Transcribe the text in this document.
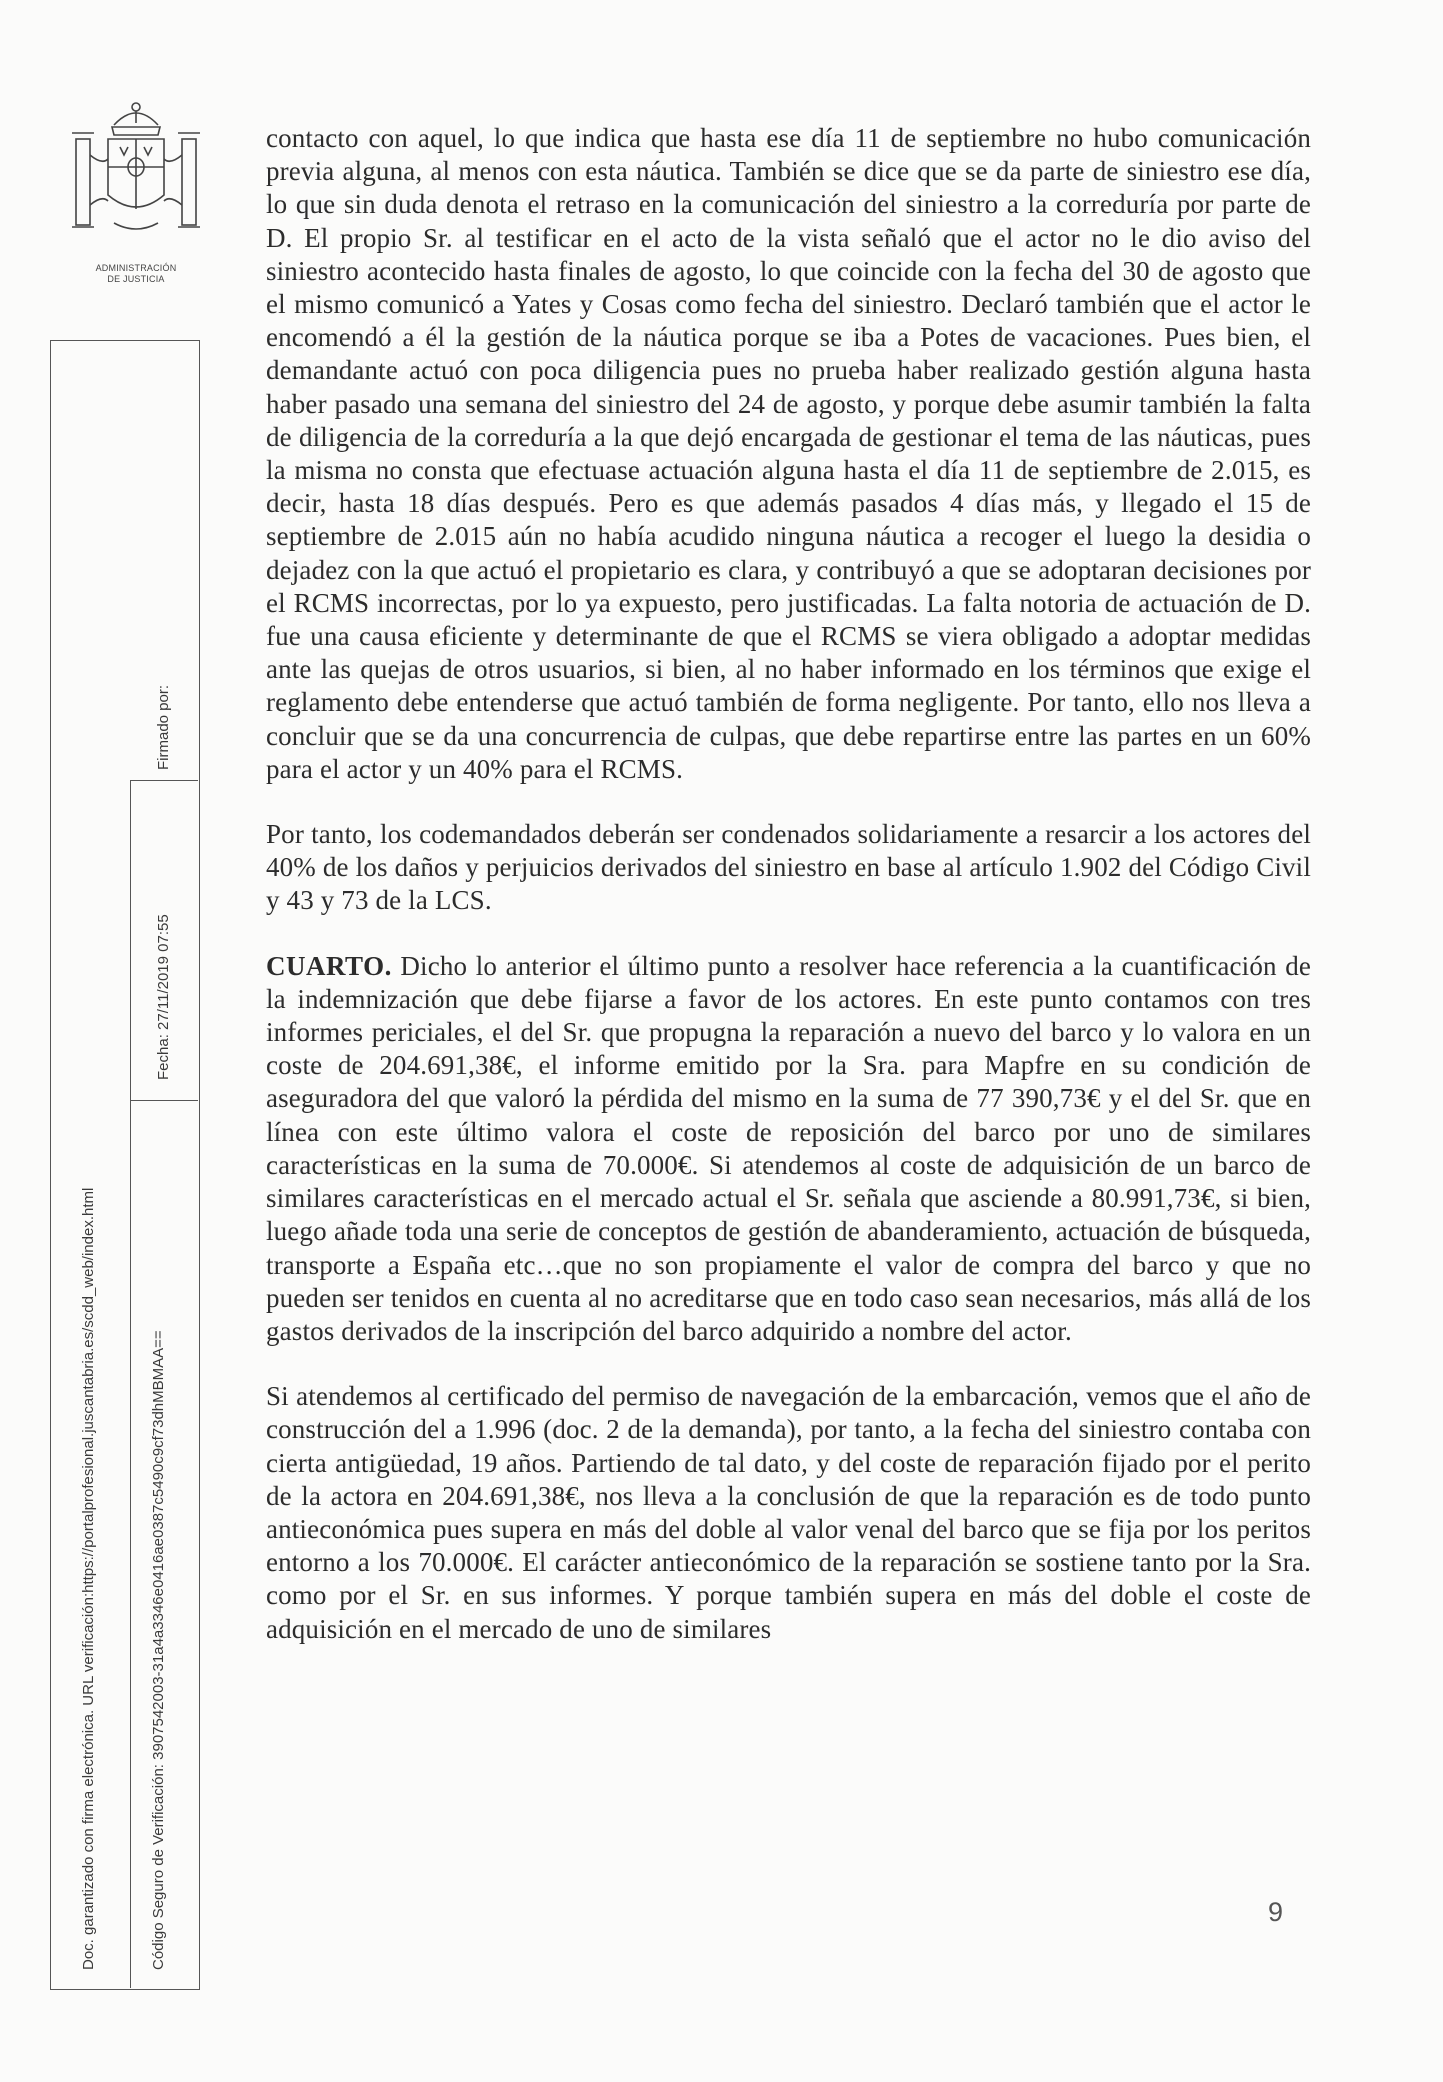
ADMINISTRACIÓN
DE JUSTICIA
Doc. garantizado con firma electrónica. URL verificación:https://portalprofesional.juscantabria.es/scdd_web/index.html	Código Seguro de Verificación: 3907542003-31a4a3346e0416ae0387c5490c9cf73dhMBMAA==
Fecha: 27/11/2019 07:55
Firmado por:

contacto con aquel, lo que indica que hasta ese día 11 de septiembre no hubo comunicación previa alguna, al menos con esta náutica. También se dice que se da parte de siniestro ese día, lo que sin duda denota el retraso en la comunicación del siniestro a la correduría por parte de D. El propio Sr. al testificar en el acto de la vista señaló que el actor no le dio aviso del siniestro acontecido hasta finales de agosto, lo que coincide con la fecha del 30 de agosto que el mismo comunicó a Yates y Cosas como fecha del siniestro. Declaró también que el actor le encomendó a él la gestión de la náutica porque se iba a Potes de vacaciones. Pues bien, el demandante actuó con poca diligencia pues no prueba haber realizado gestión alguna hasta haber pasado una semana del siniestro del 24 de agosto, y porque debe asumir también la falta de diligencia de la correduría a la que dejó encargada de gestionar el tema de las náuticas, pues la misma no consta que efectuase actuación alguna hasta el día 11 de septiembre de 2.015, es decir, hasta 18 días después. Pero es que además pasados 4 días más, y llegado el 15 de septiembre de 2.015 aún no había acudido ninguna náutica a recoger el luego la desidia o dejadez con la que actuó el propietario es clara, y contribuyó a que se adoptaran decisiones por el RCMS incorrectas, por lo ya expuesto, pero justificadas. La falta notoria de actuación de D. fue una causa eficiente y determinante de que el RCMS se viera obligado a adoptar medidas ante las quejas de otros usuarios, si bien, al no haber informado en los términos que exige el reglamento debe entenderse que actuó también de forma negligente. Por tanto, ello nos lleva a concluir que se da una concurrencia de culpas, que debe repartirse entre las partes en un 60% para el actor y un 40% para el RCMS.

Por tanto, los codemandados deberán ser condenados solidariamente a resarcir a los actores del 40% de los daños y perjuicios derivados del siniestro en base al artículo 1.902 del Código Civil y 43 y 73 de la LCS.

CUARTO. Dicho lo anterior el último punto a resolver hace referencia a la cuantificación de la indemnización que debe fijarse a favor de los actores. En este punto contamos con tres informes periciales, el del Sr. que propugna la reparación a nuevo del barco y lo valora en un coste de 204.691,38€, el informe emitido por la Sra. para Mapfre en su condición de aseguradora del que valoró la pérdida del mismo en la suma de 77 390,73€ y el del Sr. que en línea con este último valora el coste de reposición del barco por uno de similares características en la suma de 70.000€. Si atendemos al coste de adquisición de un barco de similares características en el mercado actual el Sr. señala que asciende a 80.991,73€, si bien, luego añade toda una serie de conceptos de gestión de abanderamiento, actuación de búsqueda, transporte a España etc…que no son propiamente el valor de compra del barco y que no pueden ser tenidos en cuenta al no acreditarse que en todo caso sean necesarios, más allá de los gastos derivados de la inscripción del barco adquirido a nombre del actor.

Si atendemos al certificado del permiso de navegación de la embarcación, vemos que el año de construcción del a 1.996 (doc. 2 de la demanda), por tanto, a la fecha del siniestro contaba con cierta antigüedad, 19 años. Partiendo de tal dato, y del coste de reparación fijado por el perito de la actora en 204.691,38€, nos lleva a la conclusión de que la reparación es de todo punto antieconómica pues supera en más del doble al valor venal del barco que se fija por los peritos entorno a los 70.000€. El carácter antieconómico de la reparación se sostiene tanto por la Sra. como por el Sr. en sus informes. Y porque también supera en más del doble el coste de adquisición en el mercado de uno de similares

9
